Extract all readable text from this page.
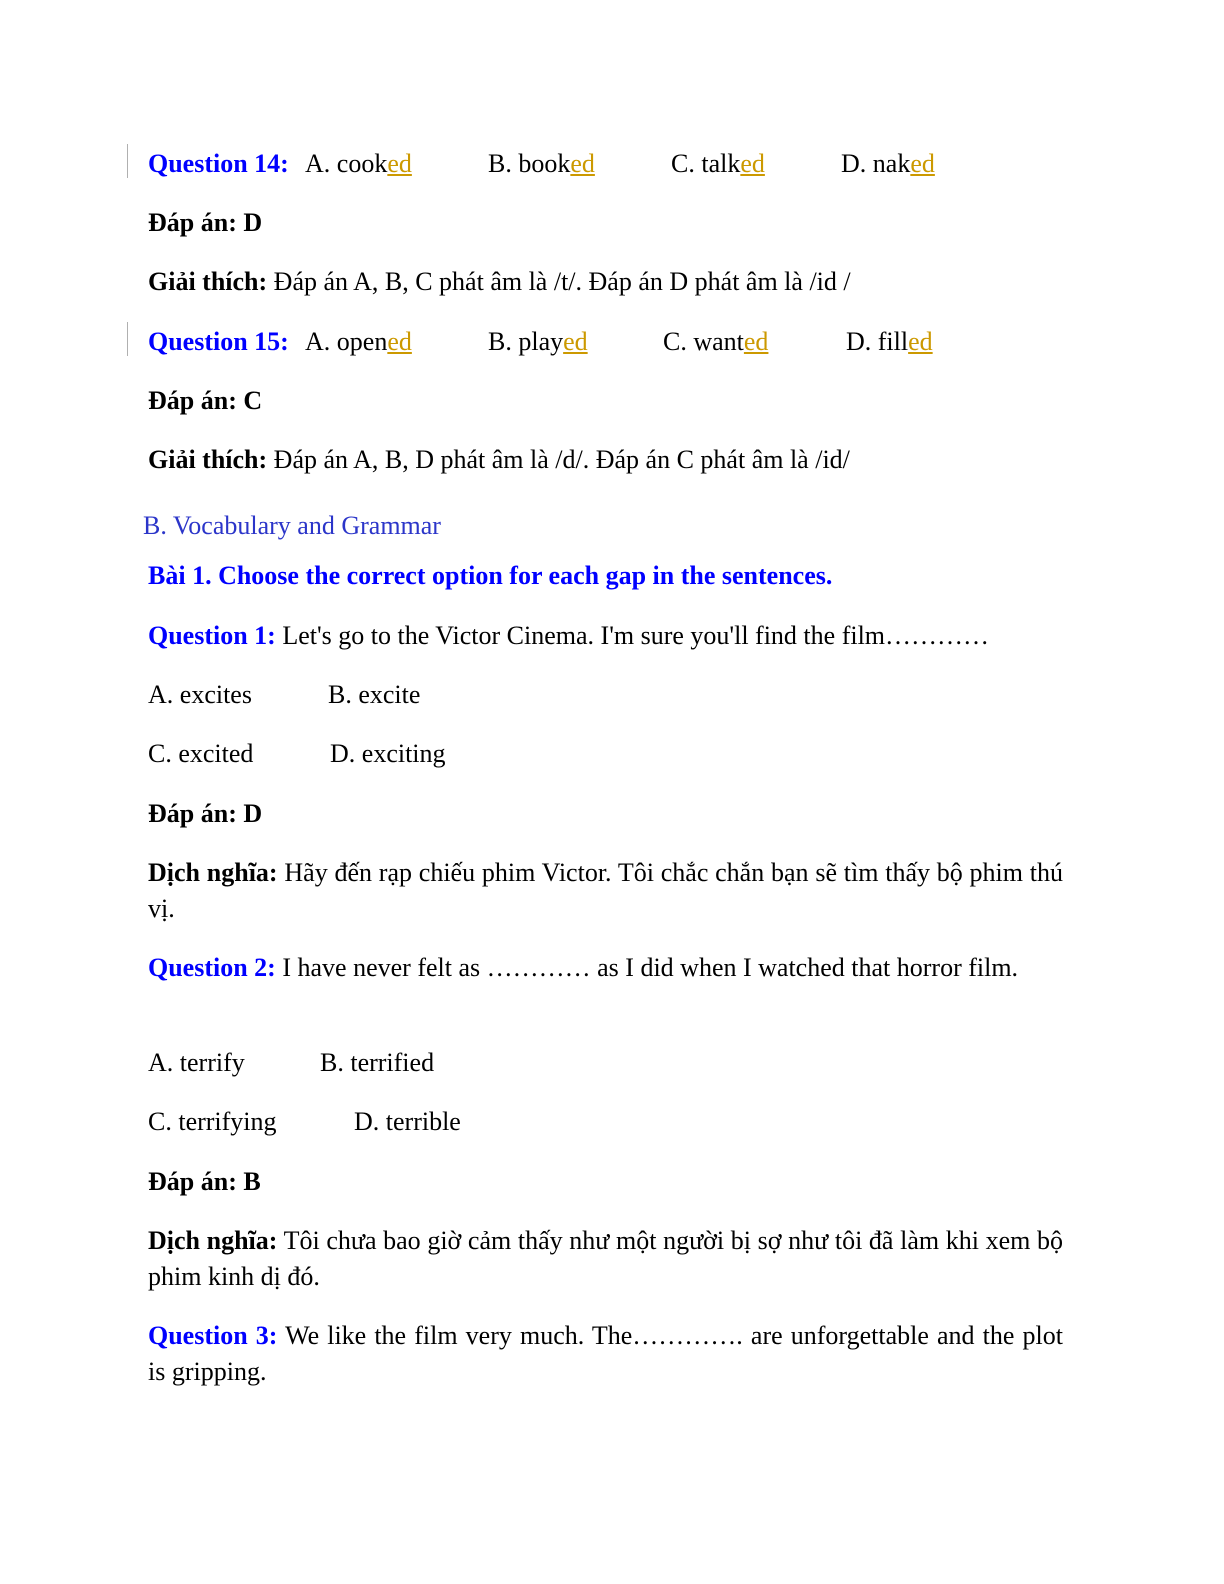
Question 14: A. cooked	B. booked	C. talked	D. naked
Đáp án: D
Giải thích: Đáp án A, B, C phát âm là /t/. Đáp án D phát âm là /id /
Question 15: A. opened	B. played	C. wanted	D. filled
Đáp án: C
Giải thích: Đáp án A, B, D phát âm là /d/. Đáp án C phát âm là /id/
B. Vocabulary and Grammar
Bài 1. Choose the correct option for each gap in the sentences.
Question 1: Let's go to the Victor Cinema. I'm sure you'll find the film…………
A. excites	B. excite
C. excited	D. exciting
Đáp án: D
Dịch nghĩa: Hãy đến rạp chiếu phim Victor. Tôi chắc chắn bạn sẽ tìm thấy bộ phim thú vị.
Question 2: I have never felt as ………… as I did when I watched that horror film.
A. terrify	B. terrified
C. terrifying	D. terrible
Đáp án: B
Dịch nghĩa: Tôi chưa bao giờ cảm thấy như một người bị sợ như tôi đã làm khi xem bộ phim kinh dị đó.
Question 3: We like the film very much. The…………. are unforgettable and the plot is gripping.
